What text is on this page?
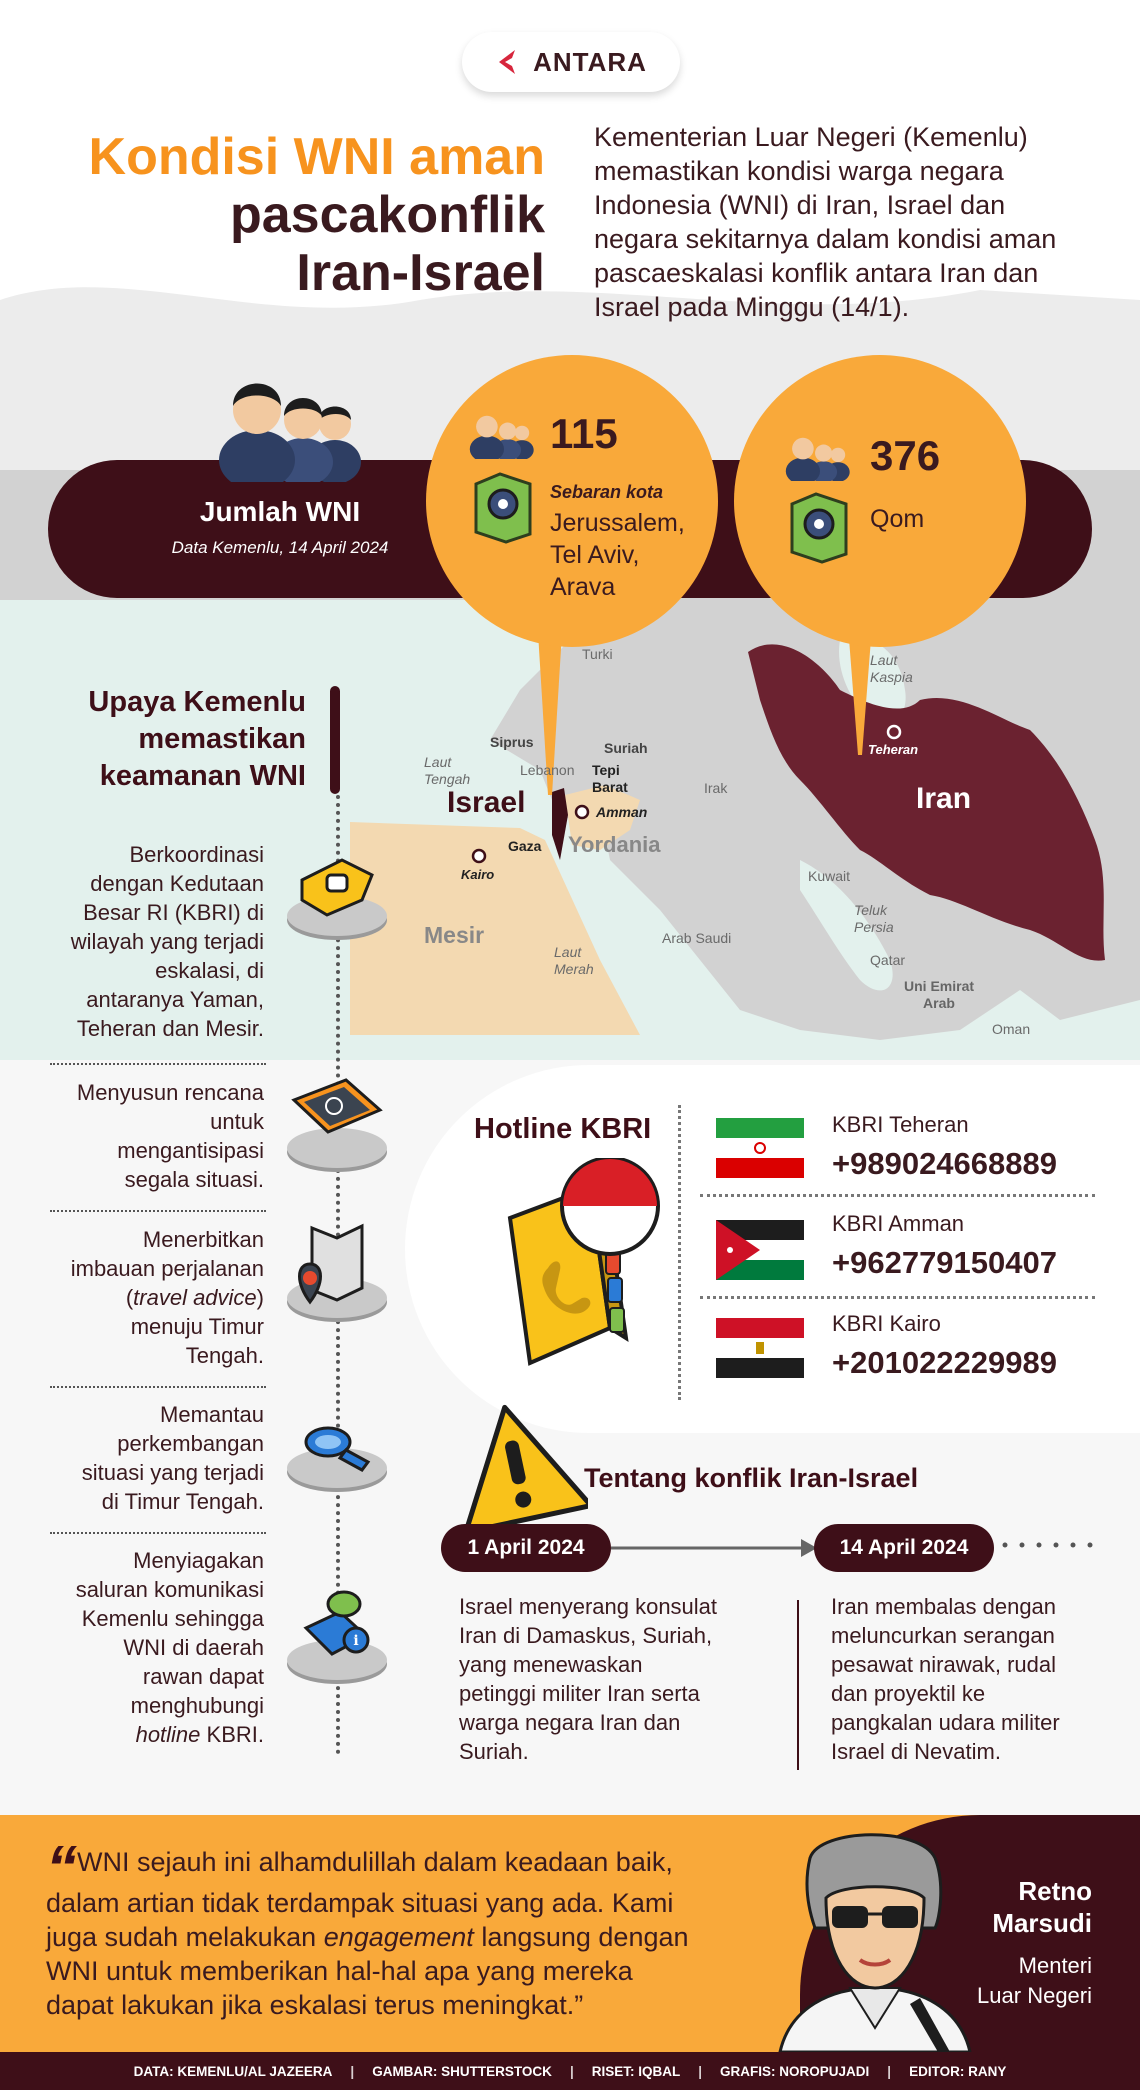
ANTARA
Kondisi WNI aman
pascakonflik
Iran-Israel
Kementerian Luar Negeri (Kemenlu) memastikan kondisi warga negara Indonesia (WNI) di Iran, Israel dan negara sekitarnya dalam kondisi aman pascaeskalasi konflik antara Iran dan Israel pada Minggu (14/1).
Jumlah WNI
Data Kemenlu, 14 April 2024
115
Sebaran kota
Jerussalem,
Tel Aviv,
Arava
376
Qom
Turki	Laut
Kaspia
Siprus	Suriah
Laut
Tengah
Lebanon Tepi
Barat	Irak
Israel	Amman
Gaza Yordania
Kairo
Teheran
Iran
Kuwait
Mesir
Teluk
Persia
Laut
Merah
Arab Saudi
Qatar
Uni Emirat
Arab
Oman
Upaya Kemenlu
memastikan
keamanan WNI
Berkoordinasi
dengan Kedutaan
Besar RI (KBRI) di
wilayah yang terjadi
eskalasi, di
antaranya Yaman,
Teheran dan Mesir.
Menyusun rencana
untuk
mengantisipasi
segala situasi.
Menerbitkan
imbauan perjalanan
(travel advice)
menuju Timur
Tengah.
Memantau
perkembangan
situasi yang terjadi
di Timur Tengah.
Menyiagakan
saluran komunikasi
Kemenlu sehingga
WNI di daerah
rawan dapat
menghubungi
hotline KBRI.
i
Hotline KBRI	KBRI Teheran
+989024668889
KBRI Amman
+962779150407
KBRI Kairo
+201022229989
Tentang konflik Iran-Israel
1 April 2024	14 April 2024
Israel menyerang konsulat
Iran di Damaskus, Suriah,
yang menewaskan
petinggi militer Iran serta
warga negara Iran dan
Suriah.
Iran membalas dengan
meluncurkan serangan
pesawat nirawak, rudal
dan proyektil ke
pangkalan udara militer
Israel di Nevatim.
“ WNI sejauh ini alhamdulillah dalam keadaan baik,
dalam artian tidak terdampak situasi yang ada. Kami
juga sudah melakukan engagement langsung dengan
WNI untuk memberikan hal-hal apa yang mereka
dapat lakukan jika eskalasi terus meningkat.”
Retno
Marsudi
Menteri
Luar Negeri
DATA: KEMENLU/AL JAZEERA | GAMBAR: SHUTTERSTOCK | RISET: IQBAL | GRAFIS: NOROPUJADI | EDITOR: RANY
